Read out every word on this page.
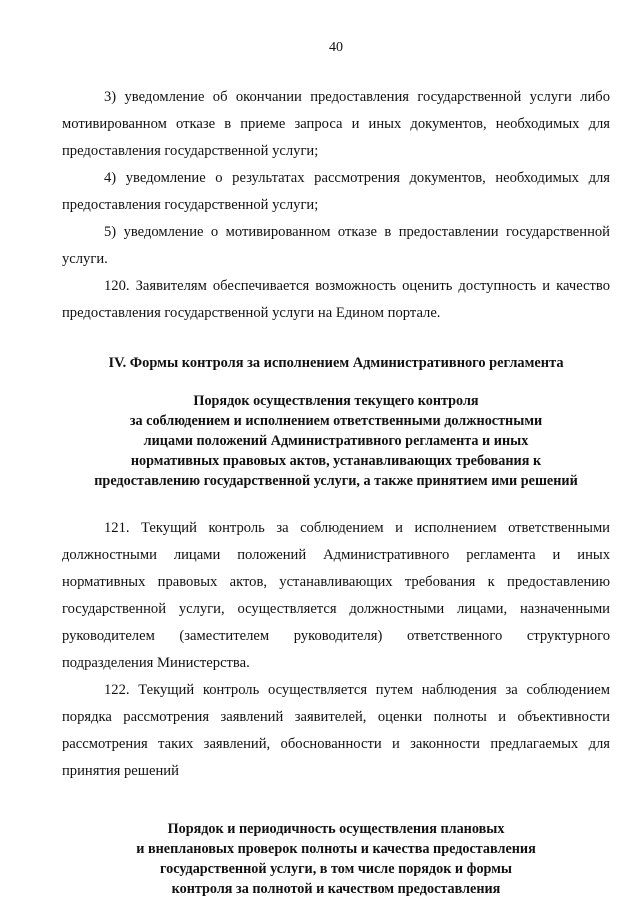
40

3) уведомление об окончании предоставления государственной услуги либо мотивированном отказе в приеме запроса и иных документов, необходимых для предоставления государственной услуги;

4) уведомление о результатах рассмотрения документов, необходимых для предоставления государственной услуги;

5) уведомление о мотивированном отказе в предоставлении государственной услуги.

120. Заявителям обеспечивается возможность оценить доступность и качество предоставления государственной услуги на Едином портале.

IV. Формы контроля за исполнением Административного регламента

Порядок осуществления текущего контроля
за соблюдением и исполнением ответственными должностными
лицами положений Административного регламента и иных
нормативных правовых актов, устанавливающих требования к
предоставлению государственной услуги, а также принятием ими решений

121. Текущий контроль за соблюдением и исполнением ответственными должностными лицами положений Административного регламента и иных нормативных правовых актов, устанавливающих требования к предоставлению государственной услуги, осуществляется должностными лицами, назначенными руководителем (заместителем руководителя) ответственного структурного подразделения Министерства.

122. Текущий контроль осуществляется путем наблюдения за соблюдением порядка рассмотрения заявлений заявителей, оценки полноты и объективности рассмотрения таких заявлений, обоснованности и законности предлагаемых для принятия решений

Порядок и периодичность осуществления плановых
и внеплановых проверок полноты и качества предоставления
государственной услуги, в том числе порядок и формы
контроля за полнотой и качеством предоставления
